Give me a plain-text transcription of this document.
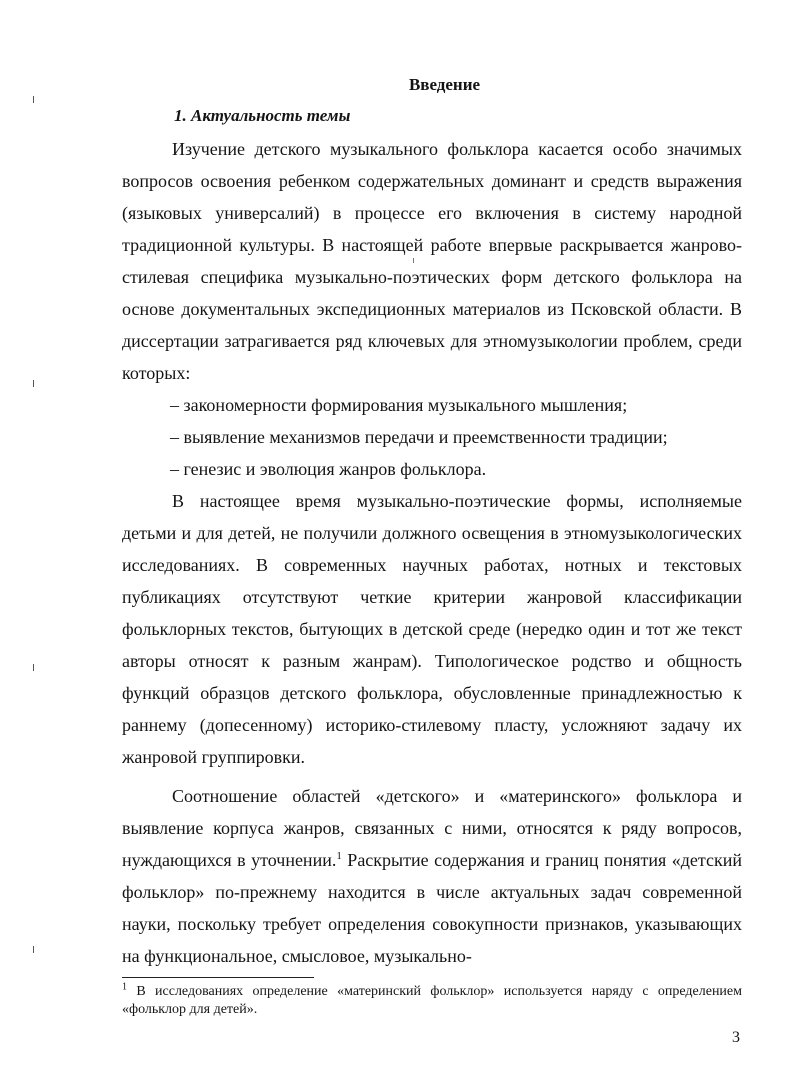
Введение
1. Актуальность темы

Изучение детского музыкального фольклора касается особо значимых вопросов освоения ребенком содержательных доминант и средств выражения (языковых универсалий) в процессе его включения в систему народной традиционной культуры. В настоящей работе впервые раскрывается жанрово-стилевая специфика музыкально-поэтических форм детского фольклора на основе документальных экспедиционных материалов из Псковской области. В диссертации затрагивается ряд ключевых для этномузыкологии проблем, среди которых:

– закономерности формирования музыкального мышления;

– выявление механизмов передачи и преемственности традиции;

– генезис и эволюция жанров фольклора.

В настоящее время музыкально-поэтические формы, исполняемые детьми и для детей, не получили должного освещения в этномузыкологических исследованиях. В современных научных работах, нотных и текстовых публикациях отсутствуют четкие критерии жанровой классификации фольклорных текстов, бытующих в детской среде (нередко один и тот же текст авторы относят к разным жанрам). Типологическое родство и общность функций образцов детского фольклора, обусловленные принадлежностью к раннему (допесенному) историко-стилевому пласту, усложняют задачу их жанровой группировки.

Соотношение областей «детского» и «материнского» фольклора и выявление корпуса жанров, связанных с ними, относятся к ряду вопросов, нуждающихся в уточнении.$^1$ Раскрытие содержания и границ понятия «детский фольклор» по-прежнему находится в числе актуальных задач современной науки, поскольку требует определения совокупности признаков, указывающих на функциональное, смысловое, музыкально-

$^1$ В исследованиях определение «материнский фольклор» используется наряду с определением «фольклор для детей».
3
